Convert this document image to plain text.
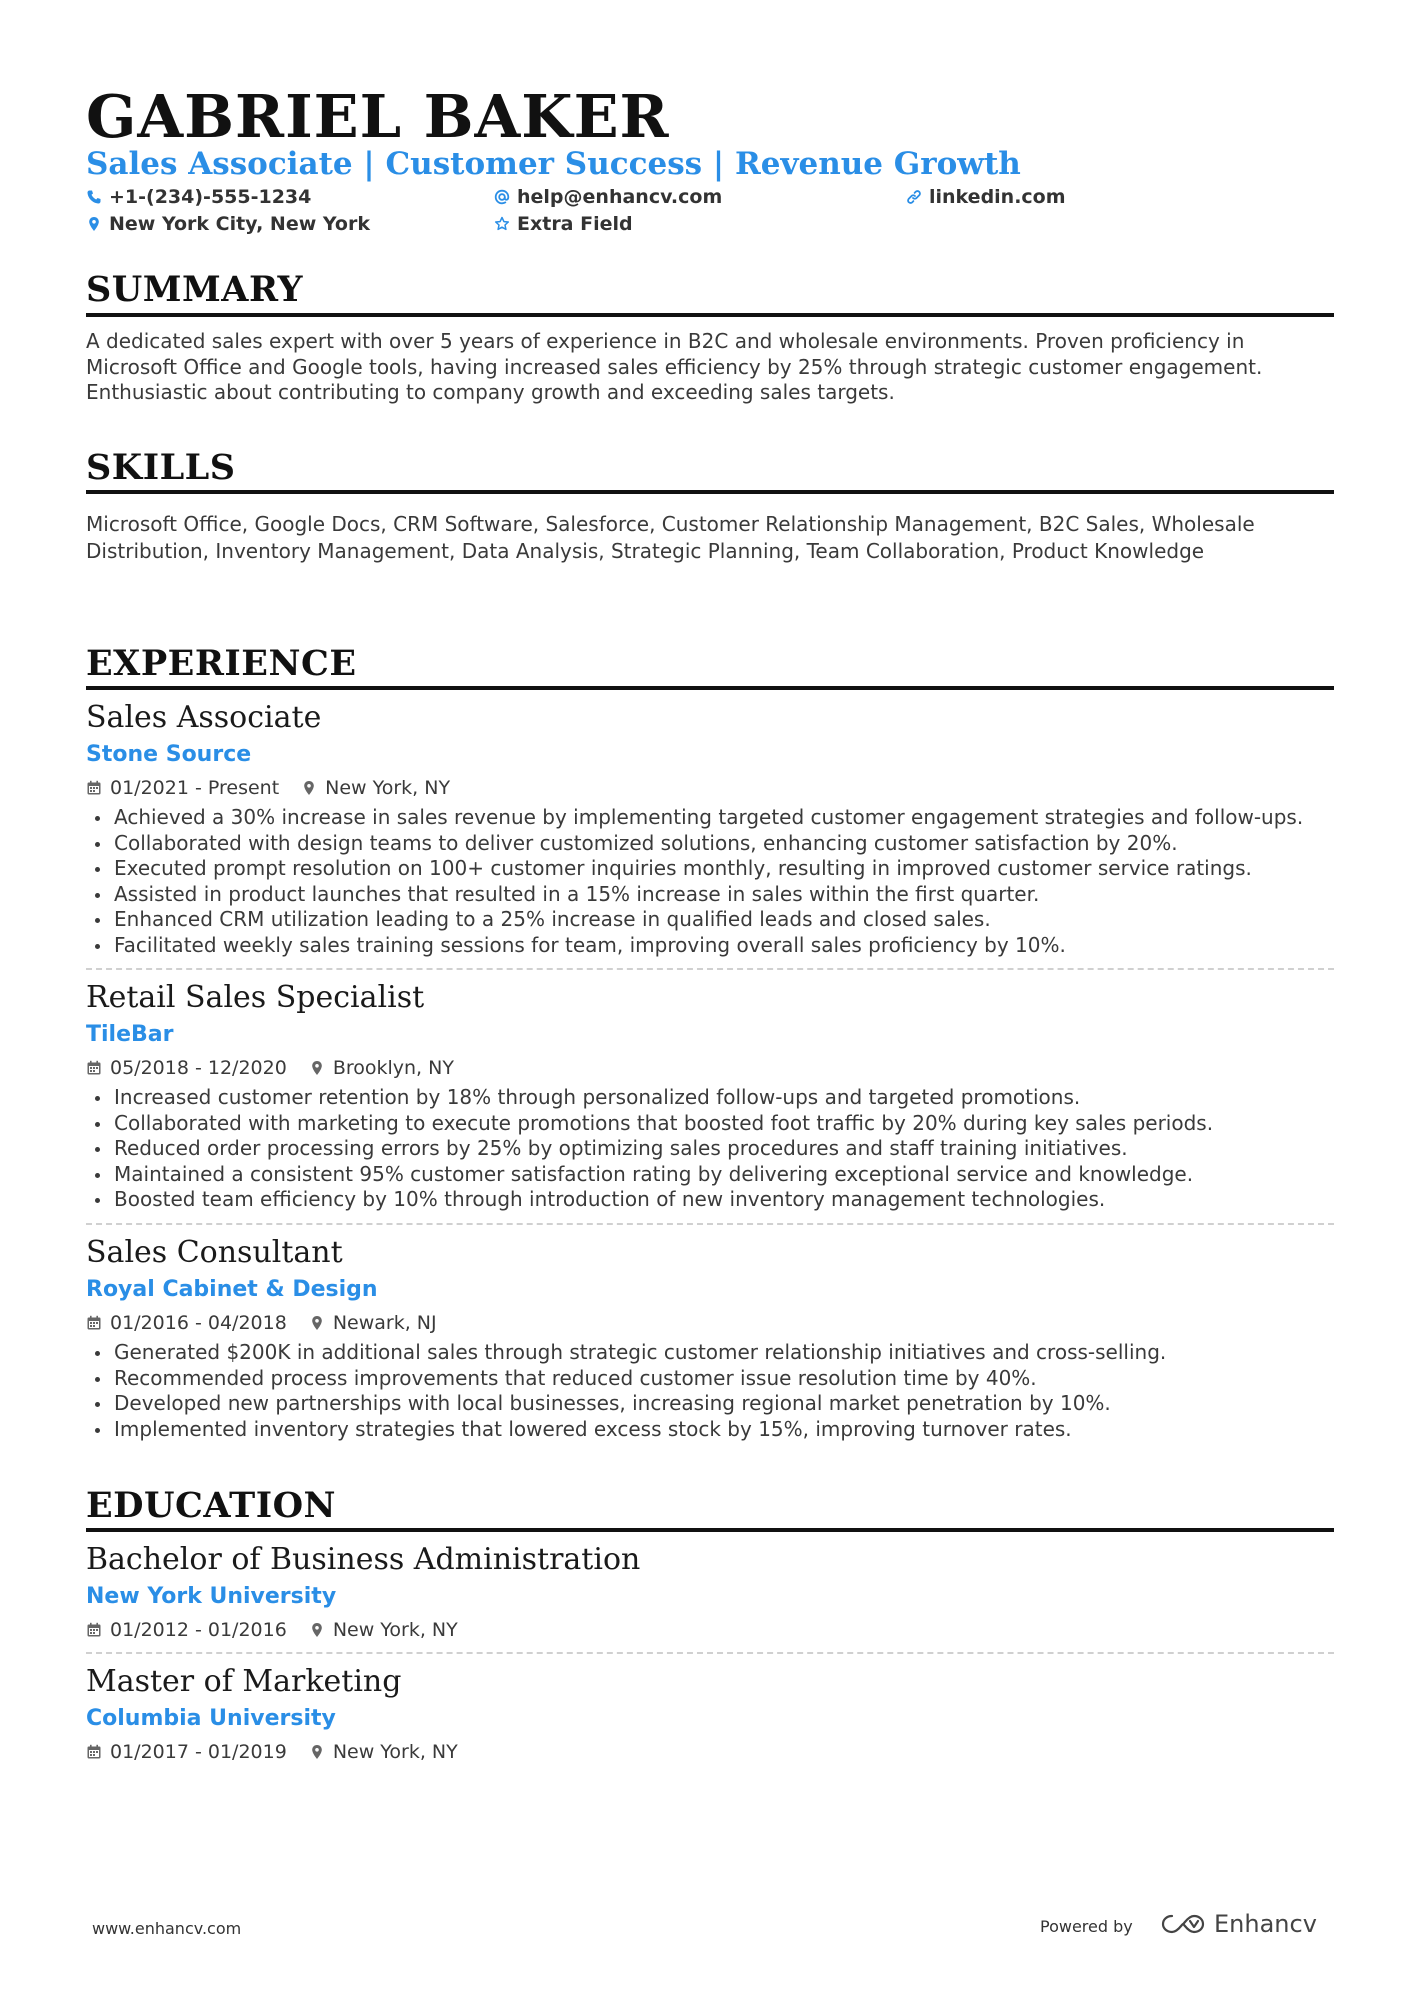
GABRIEL BAKER
Sales Associate | Customer Success | Revenue Growth
+1-(234)-555-1234	help@enhancv.com	linkedin.com
New York City, New York	Extra Field
SUMMARY
A dedicated sales expert with over 5 years of experience in B2C and wholesale environments. Proven proficiency in Microsoft Office and Google tools, having increased sales efficiency by 25% through strategic customer engagement. Enthusiastic about contributing to company growth and exceeding sales targets.
SKILLS
Microsoft Office, Google Docs, CRM Software, Salesforce, Customer Relationship Management, B2C Sales, Wholesale Distribution, Inventory Management, Data Analysis, Strategic Planning, Team Collaboration, Product Knowledge
EXPERIENCE
Sales Associate
Stone Source
01/2021 - Present New York, NY
Achieved a 30% increase in sales revenue by implementing targeted customer engagement strategies and follow-ups.
Collaborated with design teams to deliver customized solutions, enhancing customer satisfaction by 20%.
Executed prompt resolution on 100+ customer inquiries monthly, resulting in improved customer service ratings.
Assisted in product launches that resulted in a 15% increase in sales within the first quarter.
Enhanced CRM utilization leading to a 25% increase in qualified leads and closed sales.
Facilitated weekly sales training sessions for team, improving overall sales proficiency by 10%.
Retail Sales Specialist
TileBar
05/2018 - 12/2020 Brooklyn, NY
Increased customer retention by 18% through personalized follow-ups and targeted promotions.
Collaborated with marketing to execute promotions that boosted foot traffic by 20% during key sales periods.
Reduced order processing errors by 25% by optimizing sales procedures and staff training initiatives.
Maintained a consistent 95% customer satisfaction rating by delivering exceptional service and knowledge.
Boosted team efficiency by 10% through introduction of new inventory management technologies.
Sales Consultant
Royal Cabinet & Design
01/2016 - 04/2018 Newark, NJ
Generated $200K in additional sales through strategic customer relationship initiatives and cross-selling.
Recommended process improvements that reduced customer issue resolution time by 40%.
Developed new partnerships with local businesses, increasing regional market penetration by 10%.
Implemented inventory strategies that lowered excess stock by 15%, improving turnover rates.
EDUCATION
Bachelor of Business Administration
New York University
01/2012 - 01/2016 New York, NY
Master of Marketing
Columbia University
01/2017 - 01/2019 New York, NY
www.enhancv.com	Powered by	Enhancv
